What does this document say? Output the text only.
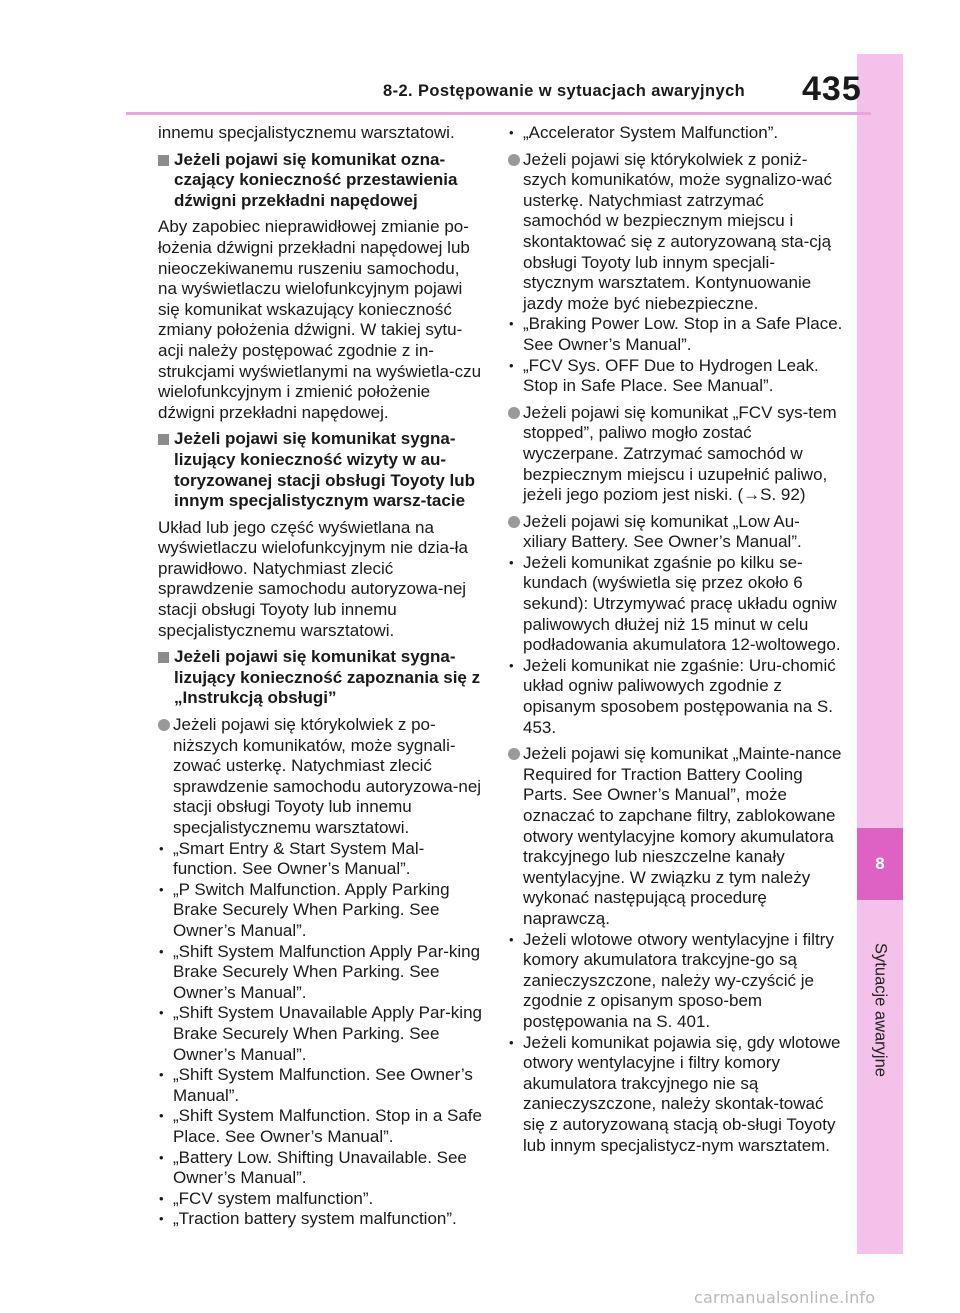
8
Sytuacje awaryjne
8-2. Postępowanie w sytuacjach awaryjnych 435

innemu specjalistycznemu warsztatowi.

Jeżeli pojawi się komunikat ozna-czający konieczność przestawienia dźwigni przekładni napędowej

Aby zapobiec nieprawidłowej zmianie po-łożenia dźwigni przekładni napędowej lub nieoczekiwanemu ruszeniu samochodu, na wyświetlaczu wielofunkcyjnym pojawi się komunikat wskazujący konieczność zmiany położenia dźwigni. W takiej sytu-acji należy postępować zgodnie z in-strukcjami wyświetlanymi na wyświetla-czu wielofunkcyjnym i zmienić położenie dźwigni przekładni napędowej.

Jeżeli pojawi się komunikat sygna-lizujący konieczność wizyty w au-toryzowanej stacji obsługi Toyoty lub innym specjalistycznym warsz-tacie

Układ lub jego część wyświetlana na wyświetlaczu wielofunkcyjnym nie dzia-ła prawidłowo. Natychmiast zlecić sprawdzenie samochodu autoryzowa-nej stacji obsługi Toyoty lub innemu specjalistycznemu warsztatowi.

Jeżeli pojawi się komunikat sygna-lizujący konieczność zapoznania się z „Instrukcją obsługi”

Jeżeli pojawi się którykolwiek z po-niższych komunikatów, może sygnali-zować usterkę. Natychmiast zlecić sprawdzenie samochodu autoryzowa-nej stacji obsługi Toyoty lub innemu specjalistycznemu warsztatowi.

• „Smart Entry & Start System Mal-function. See Owner’s Manual”.

• „P Switch Malfunction. Apply Parking Brake Securely When Parking. See Owner’s Manual”.

• „Shift System Malfunction Apply Par-king Brake Securely When Parking. See Owner’s Manual”.

• „Shift System Unavailable Apply Par-king Brake Securely When Parking. See Owner’s Manual”.

• „Shift System Malfunction. See Owner’s Manual”.

• „Shift System Malfunction. Stop in a Safe Place. See Owner’s Manual”.

• „Battery Low. Shifting Unavailable. See Owner’s Manual”.

• „FCV system malfunction”.

• „Traction battery system malfunction”.

• „Accelerator System Malfunction”.

Jeżeli pojawi się którykolwiek z poniż-szych komunikatów, może sygnalizo-wać usterkę. Natychmiast zatrzymać samochód w bezpiecznym miejscu i skontaktować się z autoryzowaną sta-cją obsługi Toyoty lub innym specjali-stycznym warsztatem. Kontynuowanie jazdy może być niebezpieczne.

• „Braking Power Low. Stop in a Safe Place. See Owner’s Manual”.

• „FCV Sys. OFF Due to Hydrogen Leak. Stop in Safe Place. See Manual”.

Jeżeli pojawi się komunikat „FCV sys-tem stopped”, paliwo mogło zostać wyczerpane. Zatrzymać samochód w bezpiecznym miejscu i uzupełnić paliwo, jeżeli jego poziom jest niski. (→S. 92)

Jeżeli pojawi się komunikat „Low Au-xiliary Battery. See Owner’s Manual”.

• Jeżeli komunikat zgaśnie po kilku se-kundach (wyświetla się przez około 6 sekund): Utrzymywać pracę układu ogniw paliwowych dłużej niż 15 minut w celu podładowania akumulatora 12-woltowego.

• Jeżeli komunikat nie zgaśnie: Uru-chomić układ ogniw paliwowych zgodnie z opisanym sposobem postępowania na S. 453.

Jeżeli pojawi się komunikat „Mainte-nance Required for Traction Battery Cooling Parts. See Owner’s Manual”, może oznaczać to zapchane filtry, zablokowane otwory wentylacyjne komory akumulatora trakcyjnego lub nieszczelne kanały wentylacyjne. W związku z tym należy wykonać następującą procedurę naprawczą.

• Jeżeli wlotowe otwory wentylacyjne i filtry komory akumulatora trakcyjne-go są zanieczyszczone, należy wy-czyścić je zgodnie z opisanym sposo-bem postępowania na S. 401.

• Jeżeli komunikat pojawia się, gdy wlotowe otwory wentylacyjne i filtry komory akumulatora trakcyjnego nie są zanieczyszczone, należy skontak-tować się z autoryzowaną stacją ob-sługi Toyoty lub innym specjalistycz-nym warsztatem.

carmanualsonline.info
